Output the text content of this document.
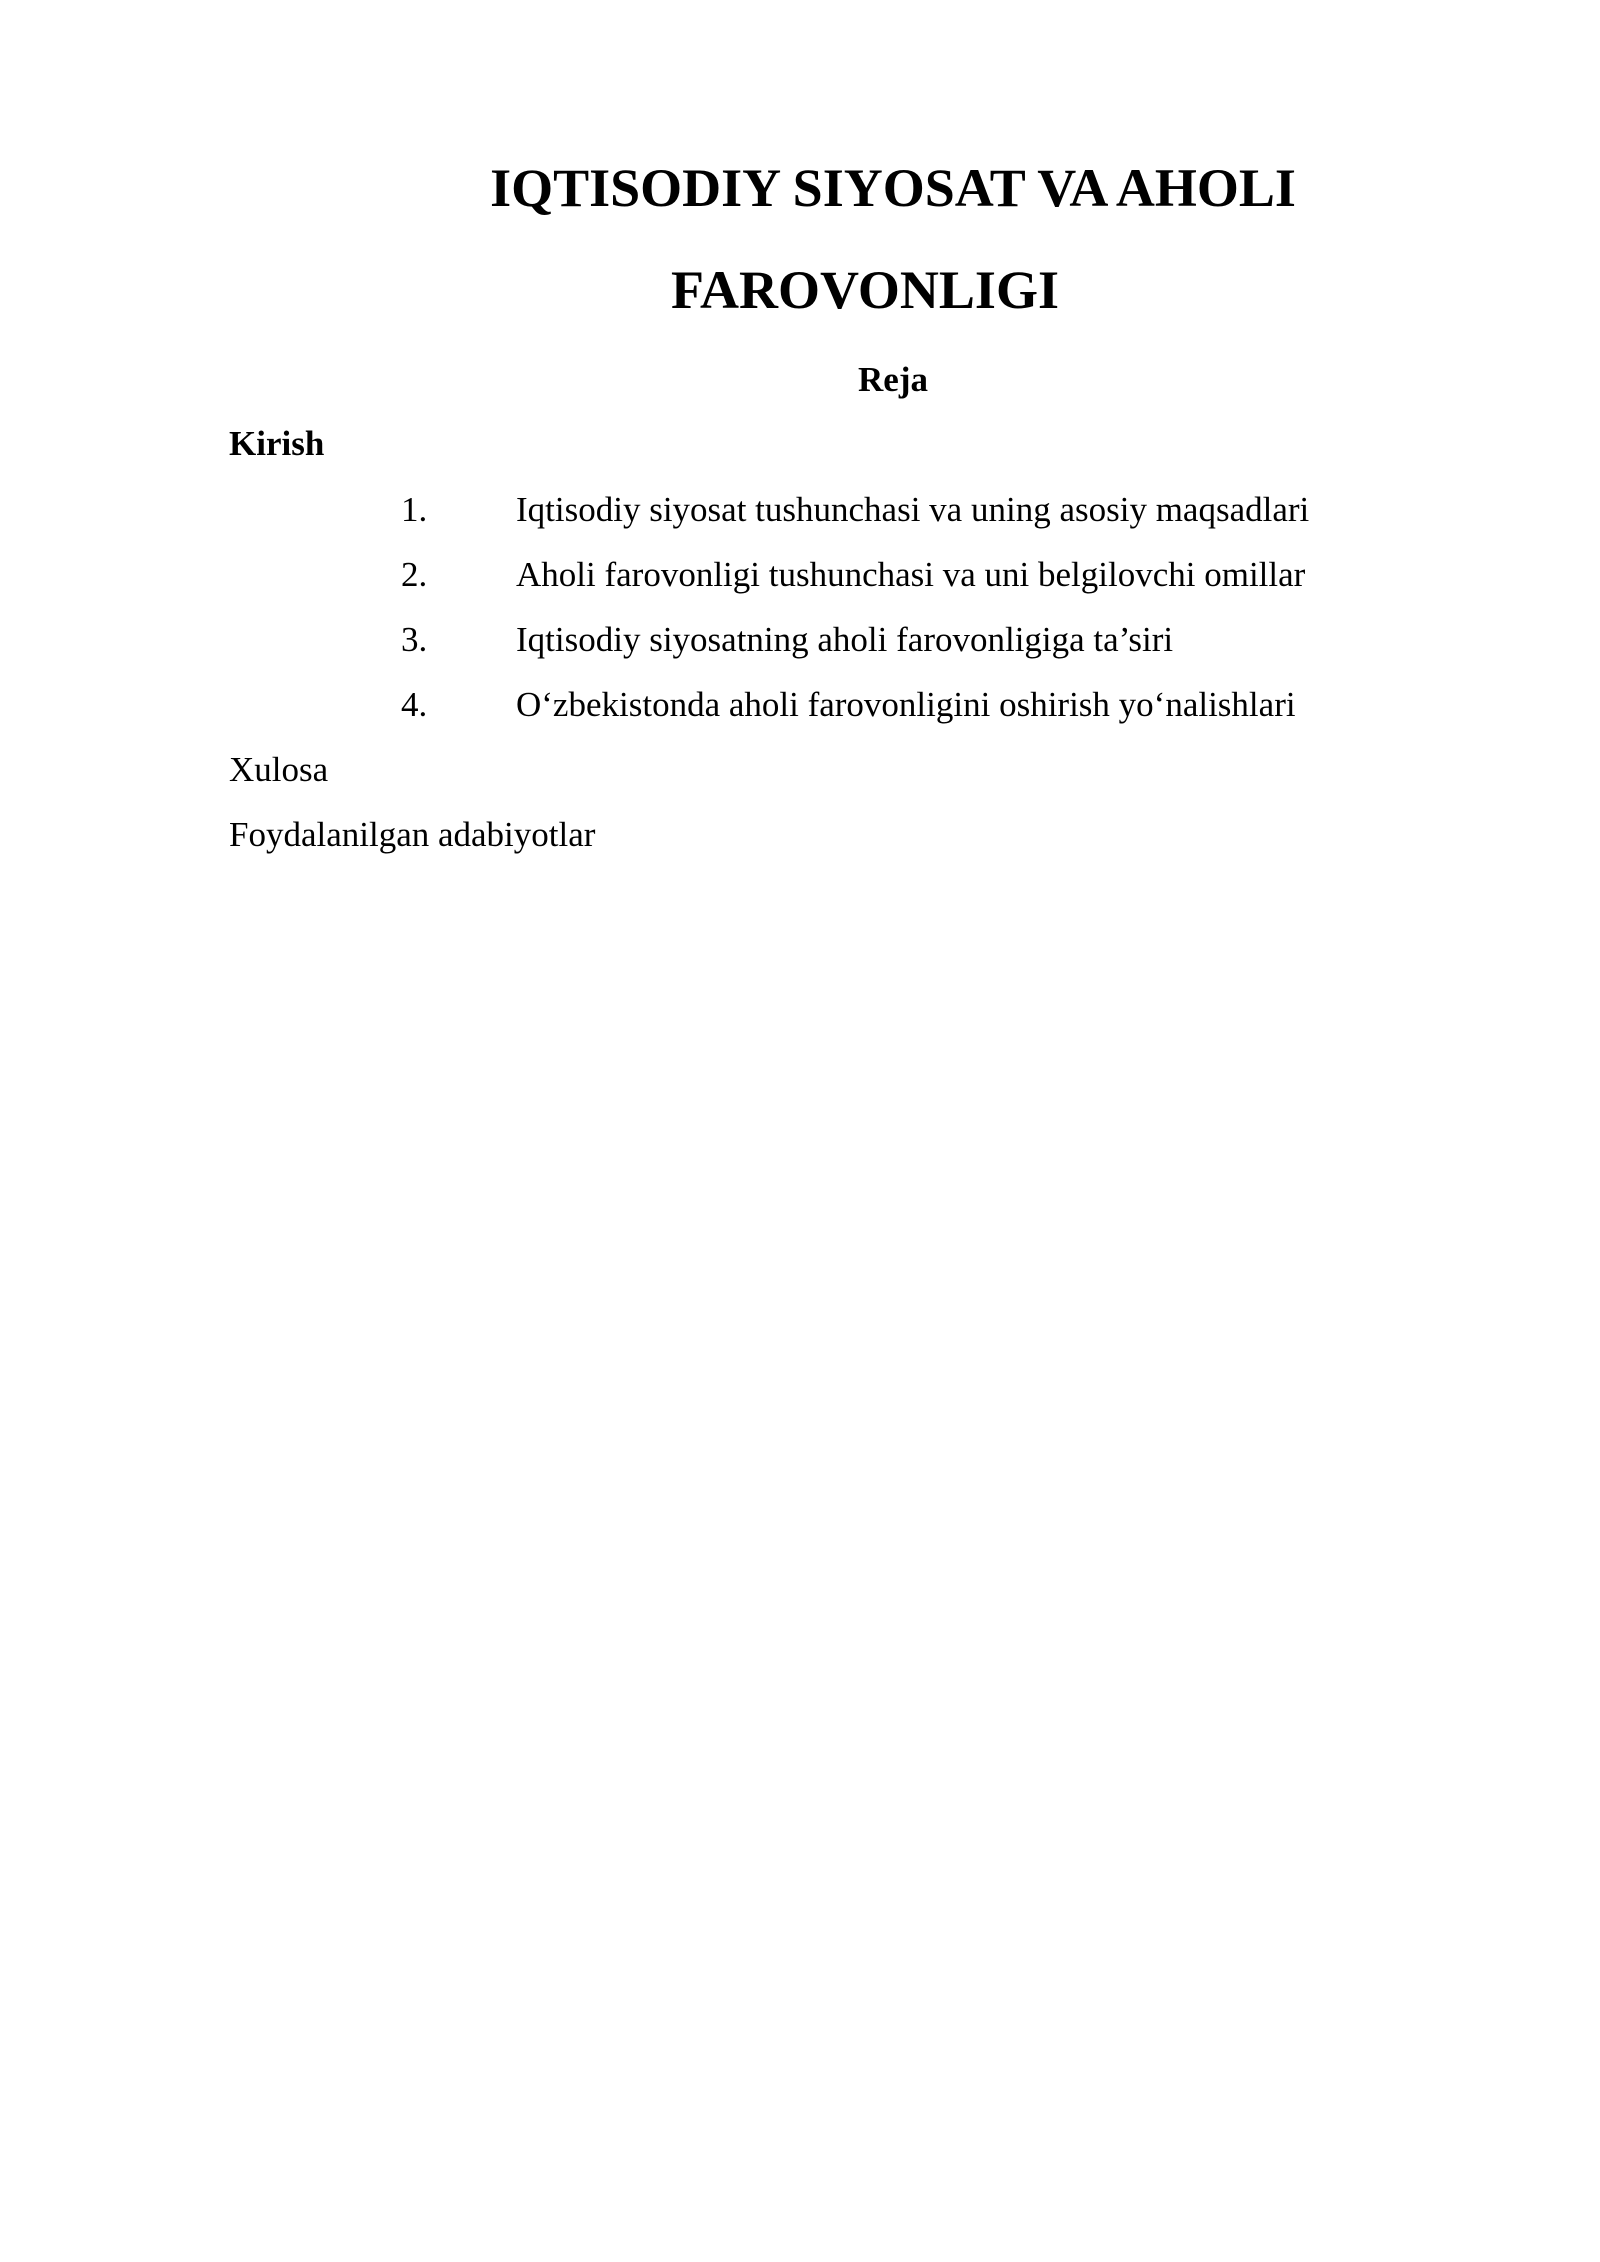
IQTISODIY SIYOSAT VA AHOLI
FAROVONLIGI
Reja
Kirish
1.	Iqtisodiy siyosat tushunchasi va uning asosiy maqsadlari
2.	Aholi farovonligi tushunchasi va uni belgilovchi omillar
3.	Iqtisodiy siyosatning aholi farovonligiga ta’siri
4.	O‘zbekistonda aholi farovonligini oshirish yo‘nalishlari
Xulosa
Foydalanilgan adabiyotlar
